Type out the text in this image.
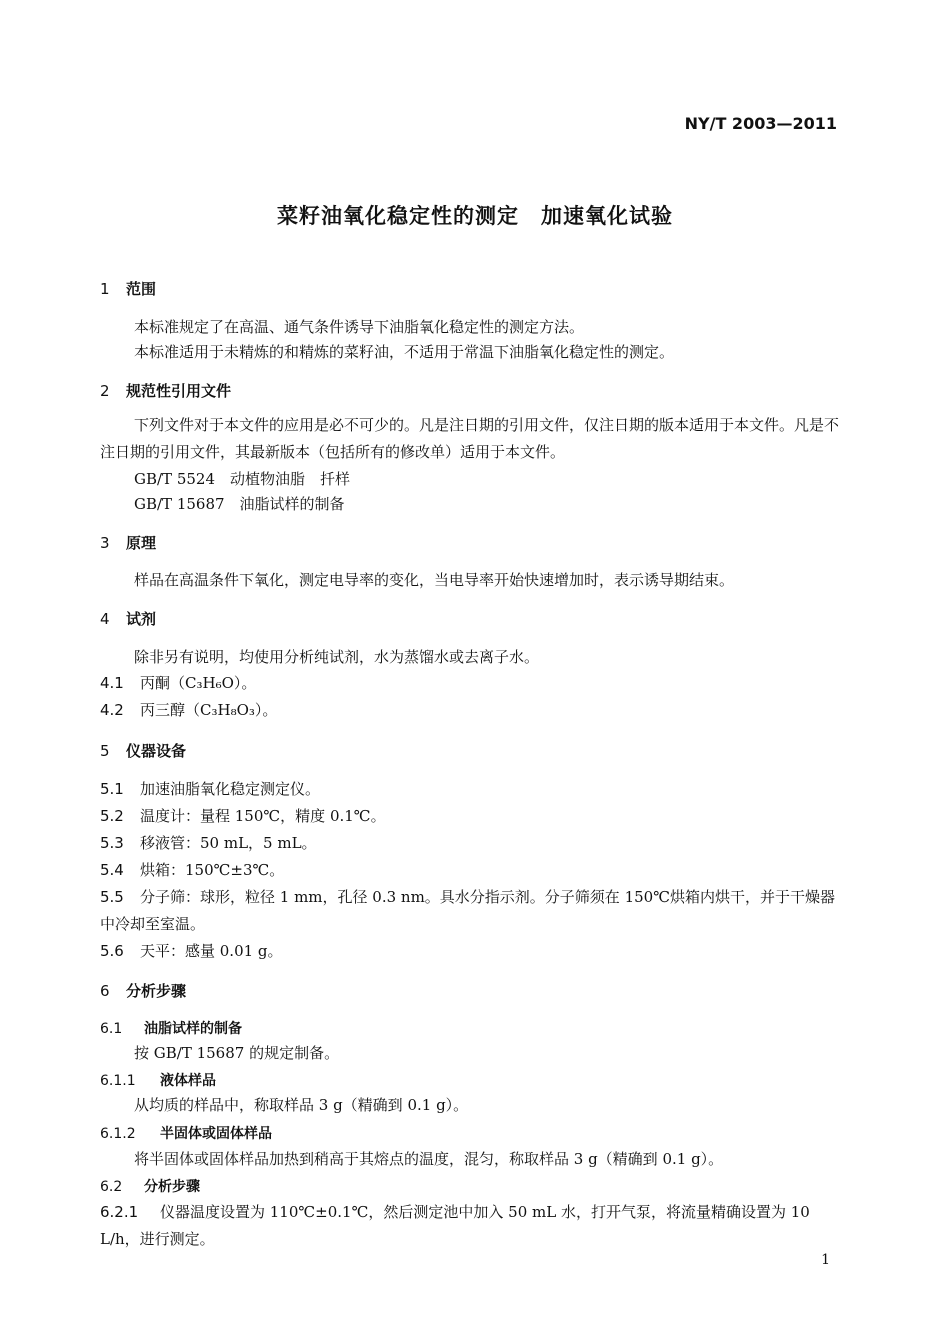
NY/T 2003—2011
菜籽油氧化稳定性的测定　加速氧化试验
1 范围
本标准规定了在高温、通气条件诱导下油脂氧化稳定性的测定方法。
本标准适用于未精炼的和精炼的菜籽油，不适用于常温下油脂氧化稳定性的测定。
2 规范性引用文件
下列文件对于本文件的应用是必不可少的。凡是注日期的引用文件，仅注日期的版本适用于本文件。凡是不注日期的引用文件，其最新版本（包括所有的修改单）适用于本文件。
GB/T 5524　动植物油脂　扦样
GB/T 15687　油脂试样的制备
3 原理
样品在高温条件下氧化，测定电导率的变化，当电导率开始快速增加时，表示诱导期结束。
4 试剂
除非另有说明，均使用分析纯试剂，水为蒸馏水或去离子水。
4.1 丙酮（C₃H₆O）。
4.2 丙三醇（C₃H₈O₃）。
5 仪器设备
5.1 加速油脂氧化稳定测定仪。
5.2 温度计：量程 150℃，精度 0.1℃。
5.3 移液管：50 mL，5 mL。
5.4 烘箱：150℃±3℃。
5.5 分子筛：球形，粒径 1 mm，孔径 0.3 nm。具水分指示剂。分子筛须在 150℃烘箱内烘干，并于干燥器中冷却至室温。
5.6 天平：感量 0.01 g。
6 分析步骤
6.1 油脂试样的制备
按 GB/T 15687 的规定制备。
6.1.1 液体样品
从均质的样品中，称取样品 3 g（精确到 0.1 g）。
6.1.2 半固体或固体样品
将半固体或固体样品加热到稍高于其熔点的温度，混匀，称取样品 3 g（精确到 0.1 g）。
6.2 分析步骤
6.2.1 仪器温度设置为 110℃±0.1℃，然后测定池中加入 50 mL 水，打开气泵，将流量精确设置为 10 L/h，进行测定。
1
